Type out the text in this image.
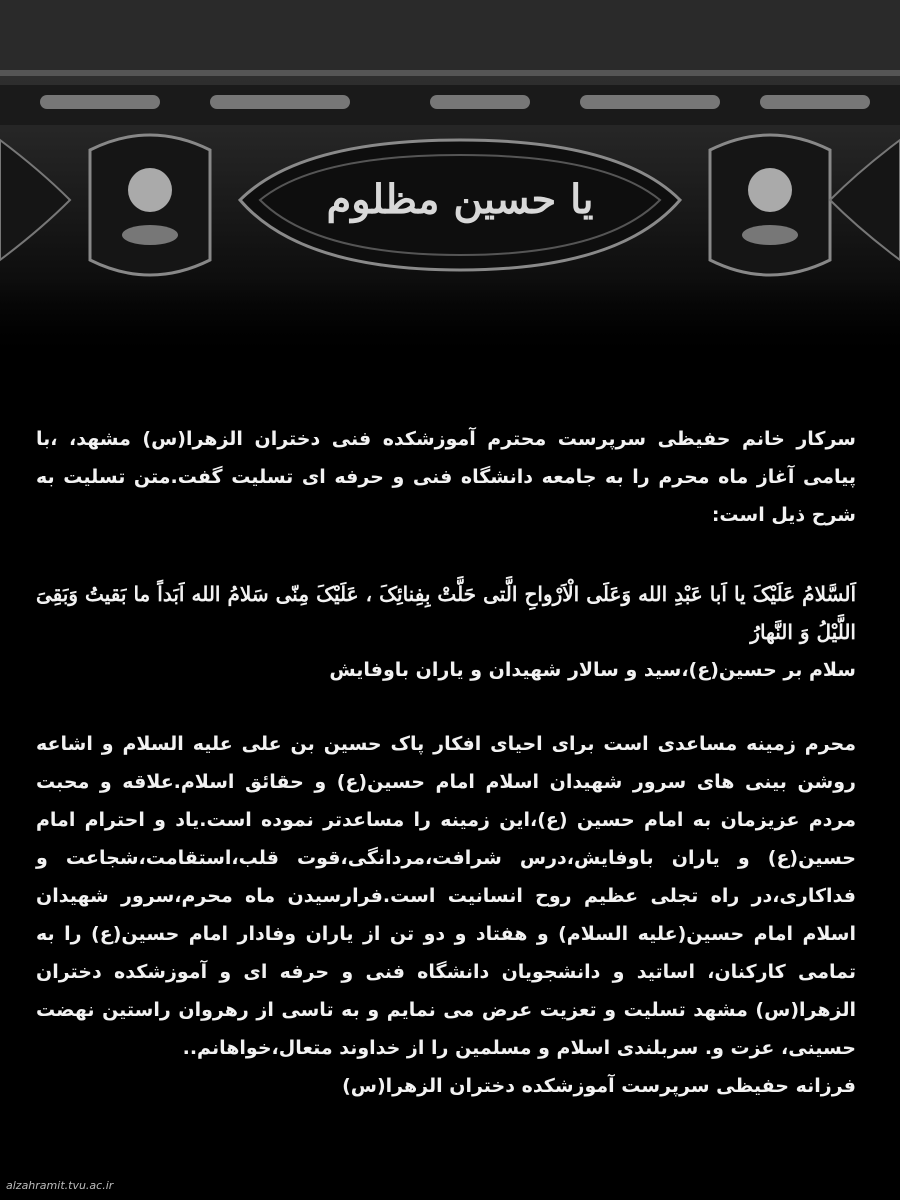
یا حسین مظلوم
سرکار خانم حفیظی سرپرست محترم آموزشکده فنی دختران الزهرا(س) مشهد، ،با پیامی آغاز ماه محرم را به جامعه دانشگاه فنی و حرفه ای تسلیت گفت.متن تسلیت به شرح ذیل است:
اَلسَّلامُ عَلَیْکَ یا اَبا عَبْدِ الله وَعَلَی الْاَرْواحِ الَّتی حَلَّتْ بِفِنائِکَ ، عَلَیْکَ مِنّی سَلامُ الله اَبَداً ما بَقیتُ وَبَقِیَ اللَّیْلُ وَ النَّهارُ
سلام بر حسین(ع)،سید و سالار شهیدان و یاران باوفایش
محرم زمینه مساعدی است برای احیای افکار پاک حسین بن علی علیه السلام و اشاعه روشن بینی های سرور شهیدان اسلام امام حسین(ع) و حقائق اسلام.علاقه و محبت مردم عزیزمان به امام حسین (ع)،این زمینه را مساعدتر نموده است.یاد و احترام امام حسین(ع) و یاران باوفایش،درس شرافت،مردانگی،قوت قلب،استقامت،شجاعت و فداکاری،در راه تجلی عظیم روح انسانیت است.فرارسیدن ماه محرم،سرور شهیدان اسلام امام حسین(علیه السلام) و هفتاد و دو تن از یاران وفادار امام حسین(ع) را به تمامی کارکنان، اساتید و دانشجویان دانشگاه فنی و حرفه ای و آموزشکده دختران الزهرا(س) مشهد تسلیت و تعزیت عرض می نمایم و به تاسی از رهروان راستین نهضت حسینی، عزت و. سربلندی اسلام و مسلمین را از خداوند متعال،خواهانم..
فرزانه حفیظی سرپرست آموزشکده دختران الزهرا(س)
alzahramit.tvu.ac.ir
